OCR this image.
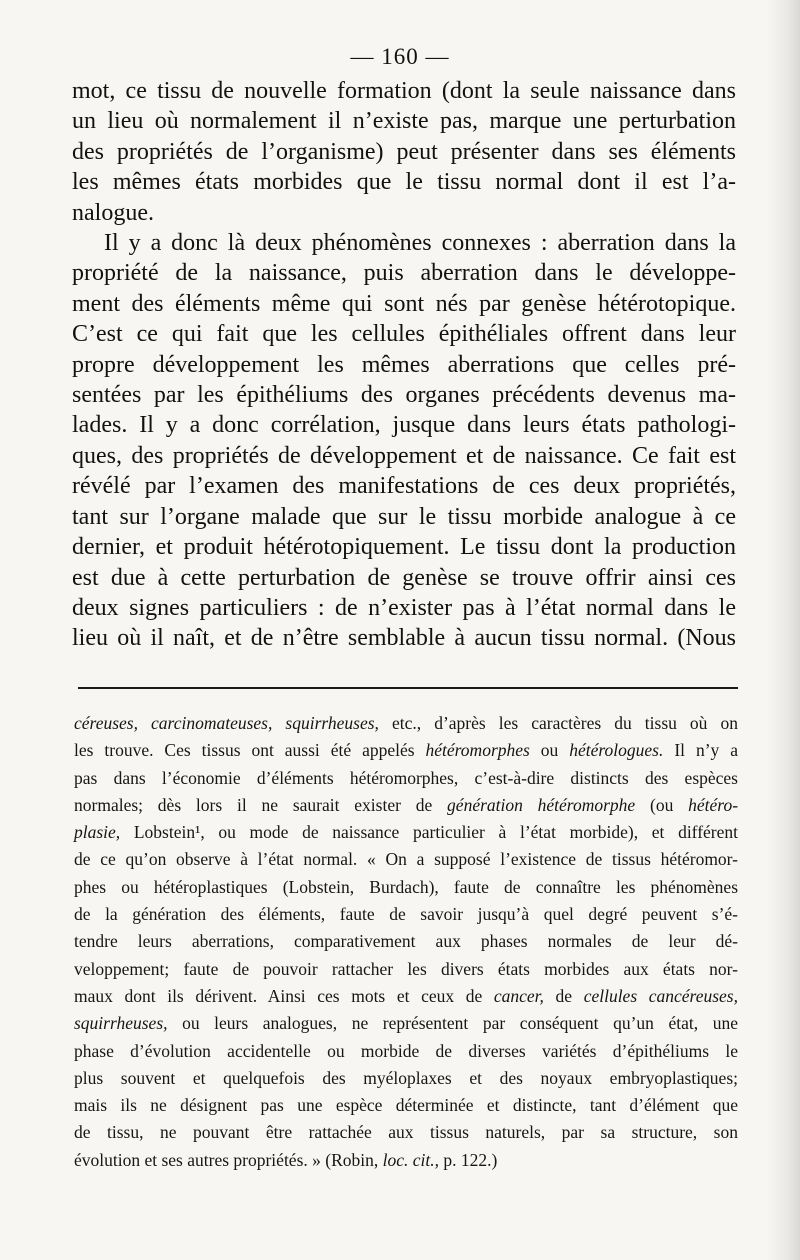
— 160 —

mot, ce tissu de nouvelle formation (dont la seule naissance dans

un lieu où normalement il n’existe pas, marque une perturbation

des propriétés de l’organisme) peut présenter dans ses éléments

les mêmes états morbides que le tissu normal dont il est l’a-

nalogue.

Il y a donc là deux phénomènes connexes : aberration dans la

propriété de la naissance, puis aberration dans le développe-

ment des éléments même qui sont nés par genèse hétérotopique.

C’est ce qui fait que les cellules épithéliales offrent dans leur

propre développement les mêmes aberrations que celles pré-

sentées par les épithéliums des organes précédents devenus ma-

lades. Il y a donc corrélation, jusque dans leurs états pathologi-

ques, des propriétés de développement et de naissance. Ce fait est

révélé par l’examen des manifestations de ces deux propriétés,

tant sur l’organe malade que sur le tissu morbide analogue à ce

dernier, et produit hétérotopiquement. Le tissu dont la production

est due à cette perturbation de genèse se trouve offrir ainsi ces

deux signes particuliers : de n’exister pas à l’état normal dans le

lieu où il naît, et de n’être semblable à aucun tissu normal. (Nous

céreuses, carcinomateuses, squirrheuses, etc., d’après les caractères du tissu où on

les trouve. Ces tissus ont aussi été appelés hétéromorphes ou hétérologues. Il n’y a

pas dans l’économie d’éléments hétéromorphes, c’est-à-dire distincts des espèces

normales; dès lors il ne saurait exister de génération hétéromorphe (ou hétéro-

plasie, Lobstein¹, ou mode de naissance particulier à l’état morbide), et différent

de ce qu’on observe à l’état normal. « On a supposé l’existence de tissus hétéromor-

phes ou hétéroplastiques (Lobstein, Burdach), faute de connaître les phénomènes

de la génération des éléments, faute de savoir jusqu’à quel degré peuvent s’é-

tendre leurs aberrations, comparativement aux phases normales de leur dé-

veloppement; faute de pouvoir rattacher les divers états morbides aux états nor-

maux dont ils dérivent. Ainsi ces mots et ceux de cancer, de cellules cancéreuses,

squirrheuses, ou leurs analogues, ne représentent par conséquent qu’un état, une

phase d’évolution accidentelle ou morbide de diverses variétés d’épithéliums le

plus souvent et quelquefois des myéloplaxes et des noyaux embryoplastiques;

mais ils ne désignent pas une espèce déterminée et distincte, tant d’élément que

de tissu, ne pouvant être rattachée aux tissus naturels, par sa structure, son

évolution et ses autres propriétés. » (Robin, loc. cit., p. 122.)
